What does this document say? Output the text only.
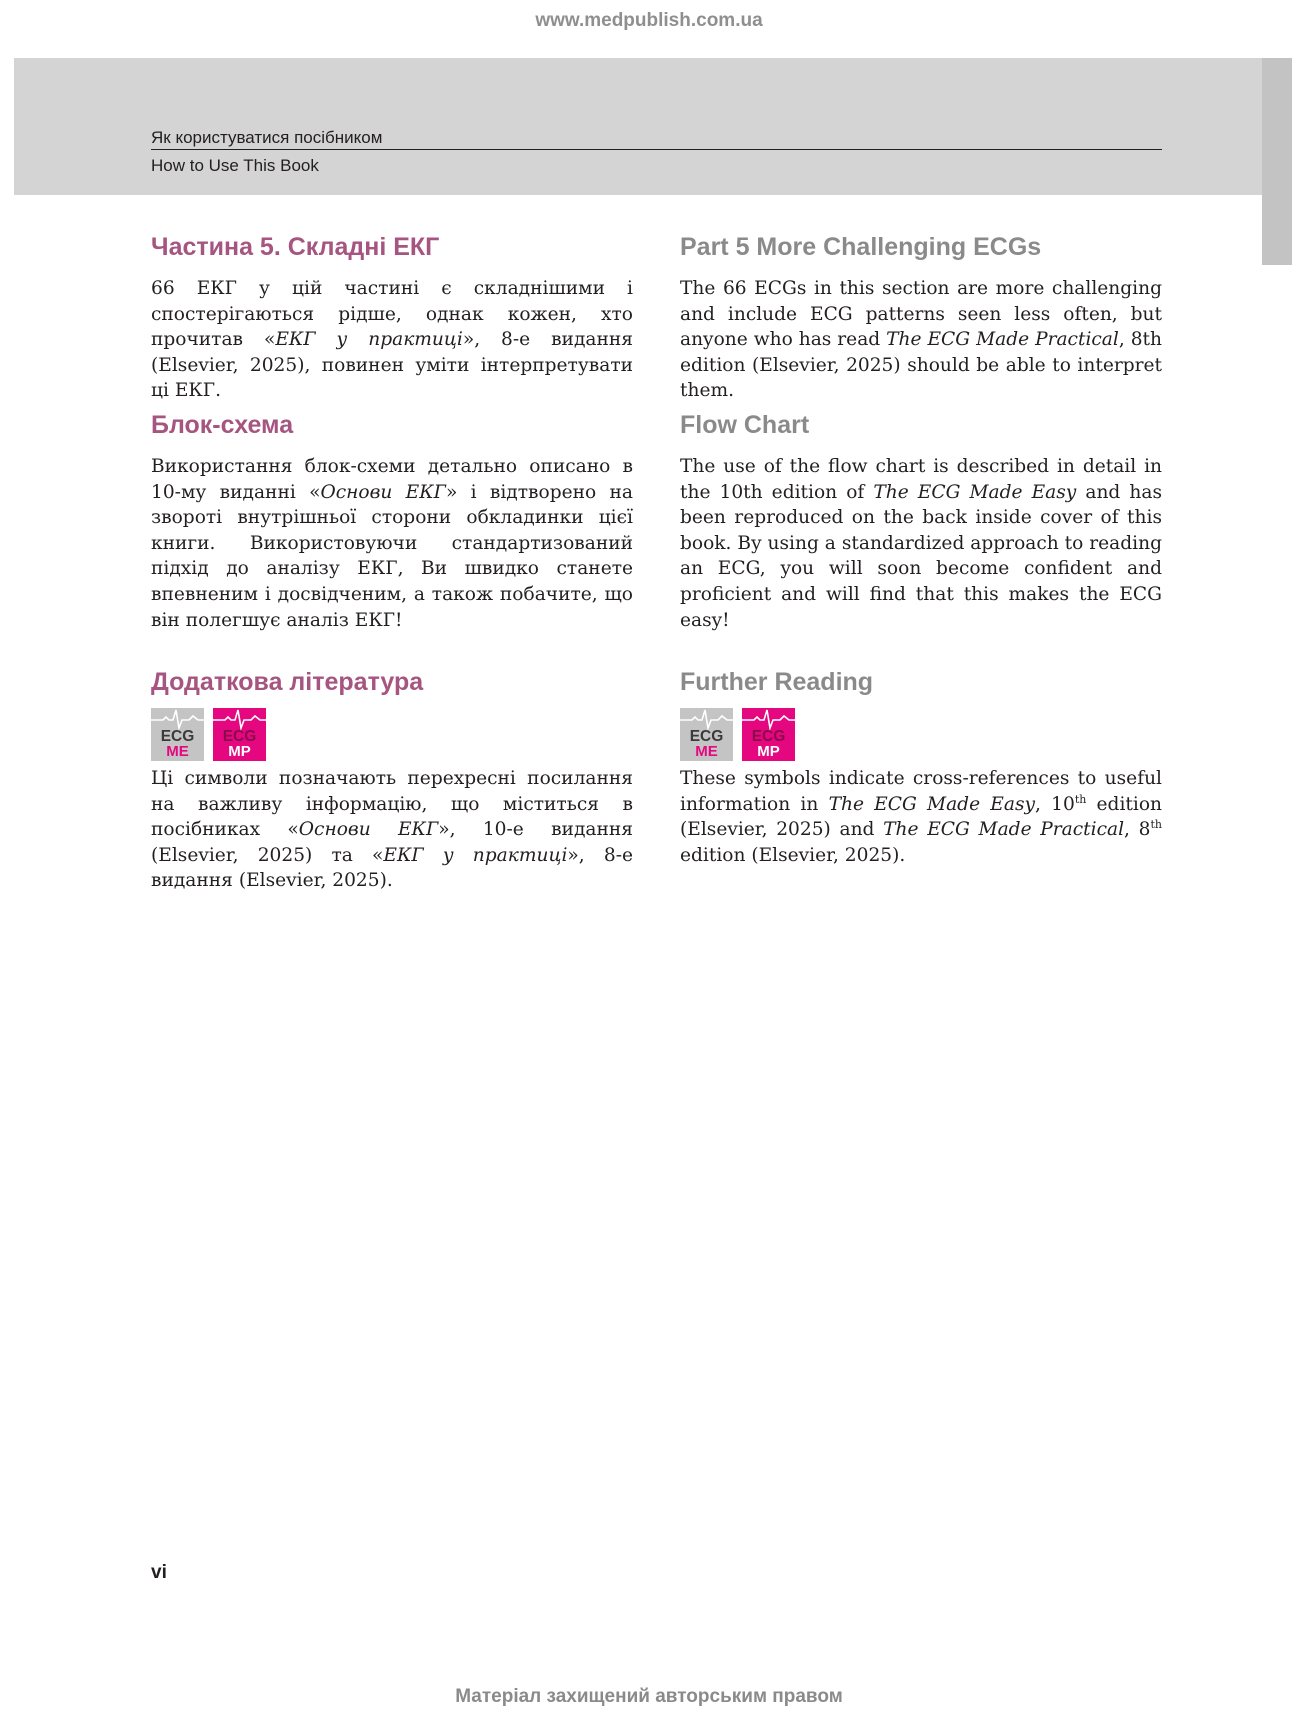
www.medpublish.com.ua
Як користуватися посібником
How to Use This Book
Частина 5. Складні ЕКГ

66 ЕКГ у цій частині є складнішими і спостерігаються рідше, однак кожен, хто прочитав «ЕКГ у практиці», 8-е видання (Elsevier, 2025), повинен уміти інтерпретувати ці ЕКГ.

Блок-схема

Використання блок-схеми детально описано в 10-му виданні «Основи ЕКГ» і відтворено на звороті внутрішньої сторони обкладинки цієї книги. Використовуючи стандартизований підхід до аналізу ЕКГ, Ви швидко станете впевненим і досвідченим, а також побачите, що він полегшує аналіз ЕКГ!

Додаткова література
ECG
ME
ECG
MP

Ці символи позначають перехресні посилання на важливу інформацію, що міститься в посібниках «Основи ЕКГ», 10-е видання (Elsevier, 2025) та «ЕКГ у практиці», 8-е видання (Elsevier, 2025).

Part 5 More Challenging ECGs

The 66 ECGs in this section are more challenging and include ECG patterns seen less often, but anyone who has read The ECG Made Practical, 8th edition (Elsevier, 2025) should be able to interpret them.

Flow Chart

The use of the flow chart is described in detail in the 10th edition of The ECG Made Easy and has been reproduced on the back inside cover of this book. By using a standardized approach to reading an ECG, you will soon become confident and proficient and will find that this makes the ECG easy!

Further Reading
ECG
ME
ECG
MP

These symbols indicate cross-references to useful information in The ECG Made Easy, 10th edition (Elsevier, 2025) and The ECG Made Practical, 8th edition (Elsevier, 2025).

vi
Матеріал захищений авторським правом
